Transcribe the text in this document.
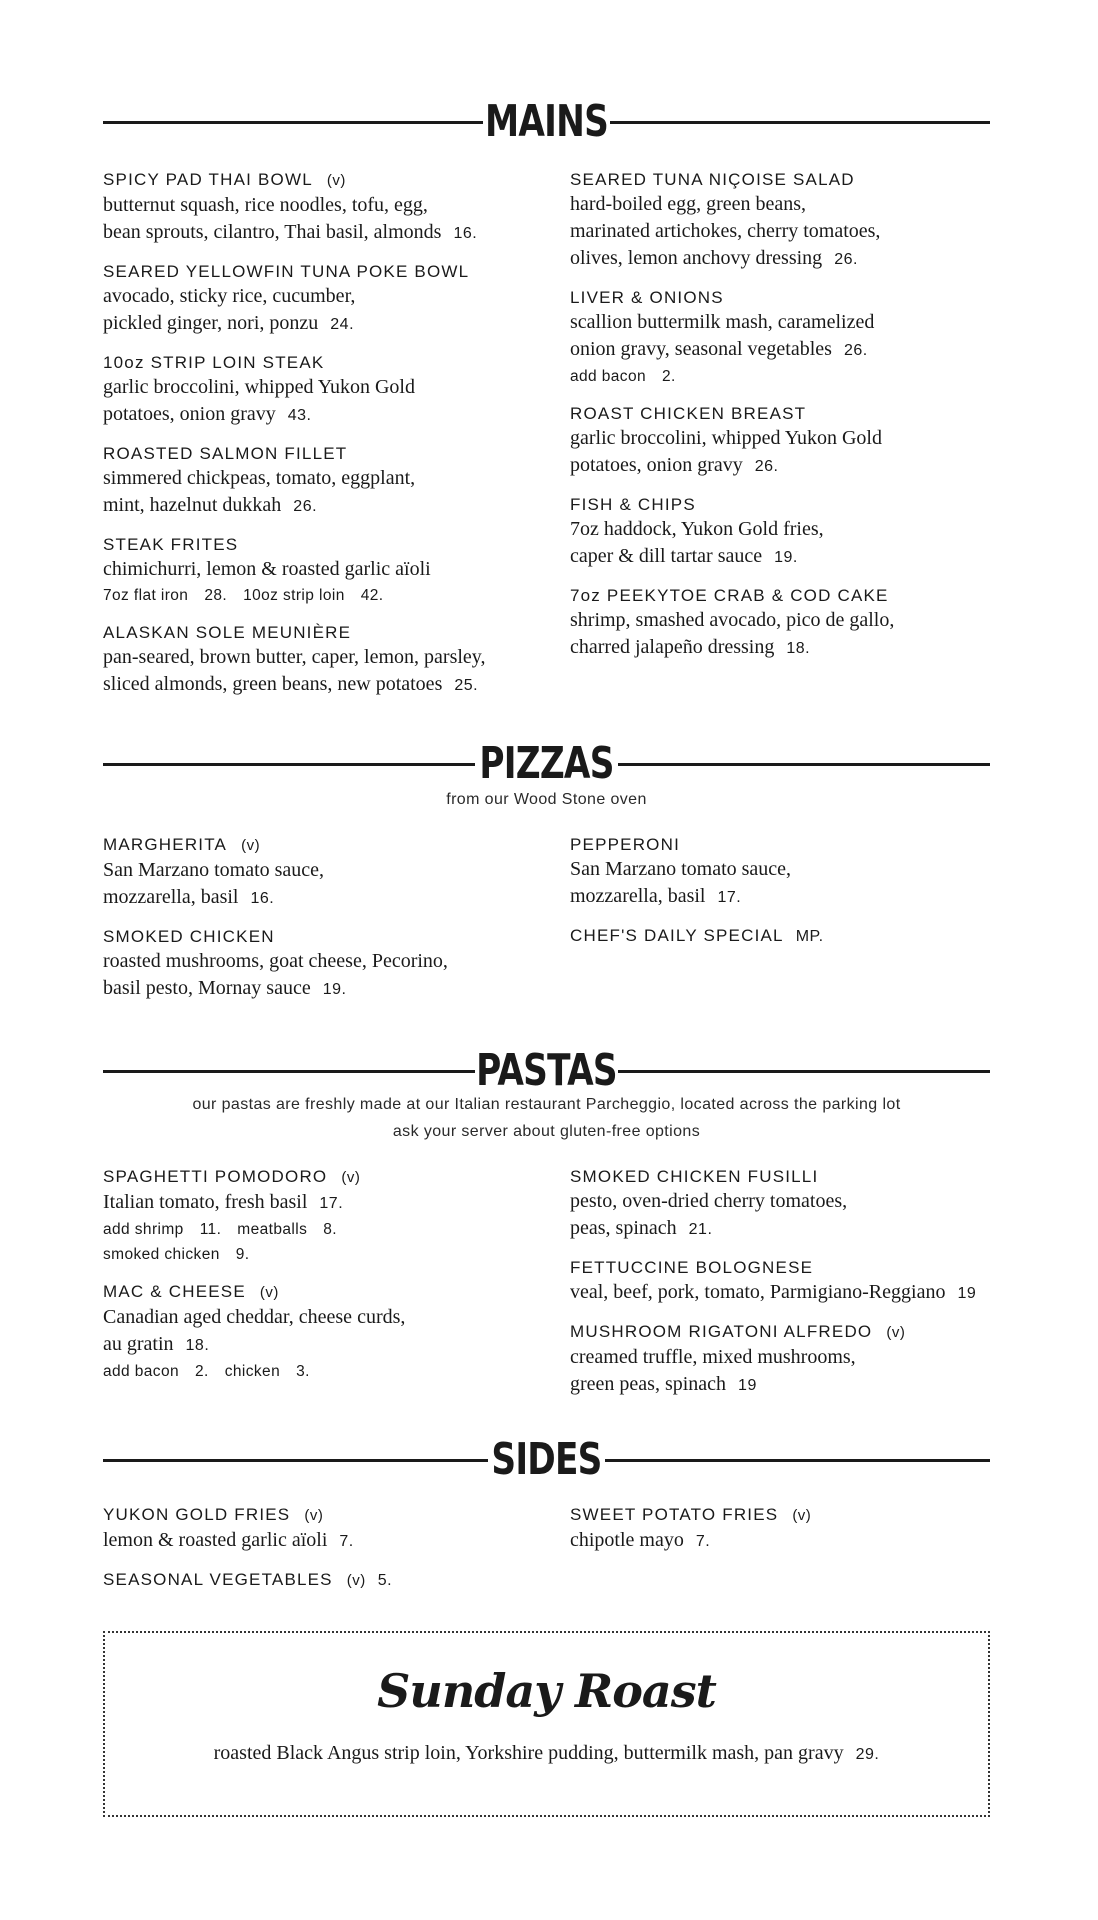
MAINS
SPICY PAD THAI BOWL (v)
butternut squash, rice noodles, tofu, egg,
bean sprouts, cilantro, Thai basil, almonds 16.
SEARED YELLOWFIN TUNA POKE BOWL
avocado, sticky rice, cucumber,
pickled ginger, nori, ponzu 24.
10oz STRIP LOIN STEAK
garlic broccolini, whipped Yukon Gold
potatoes, onion gravy 43.
ROASTED SALMON FILLET
simmered chickpeas, tomato, eggplant,
mint, hazelnut dukkah 26.
STEAK FRITES
chimichurri, lemon & roasted garlic aïoli
7oz flat iron 28. 10oz strip loin 42.
ALASKAN SOLE MEUNIÈRE
pan-seared, brown butter, caper, lemon, parsley,
sliced almonds, green beans, new potatoes 25.
SEARED TUNA NIÇOISE SALAD
hard-boiled egg, green beans,
marinated artichokes, cherry tomatoes,
olives, lemon anchovy dressing 26.
LIVER & ONIONS
scallion buttermilk mash, caramelized
onion gravy, seasonal vegetables 26.
add bacon 2.
ROAST CHICKEN BREAST
garlic broccolini, whipped Yukon Gold
potatoes, onion gravy 26.
FISH & CHIPS
7oz haddock, Yukon Gold fries,
caper & dill tartar sauce 19.
7oz PEEKYTOE CRAB & COD CAKE
shrimp, smashed avocado, pico de gallo,
charred jalapeño dressing 18.
PIZZAS
from our Wood Stone oven
MARGHERITA (v)
San Marzano tomato sauce,
mozzarella, basil 16.
SMOKED CHICKEN
roasted mushrooms, goat cheese, Pecorino,
basil pesto, Mornay sauce 19.
PEPPERONI
San Marzano tomato sauce,
mozzarella, basil 17.
CHEF'S DAILY SPECIAL MP.
PASTAS
our pastas are freshly made at our Italian restaurant Parcheggio, located across the parking lot
ask your server about gluten-free options
SPAGHETTI POMODORO (v)
Italian tomato, fresh basil 17.
add shrimp 11. meatballs 8.
smoked chicken 9.
MAC & CHEESE (v)
Canadian aged cheddar, cheese curds,
au gratin 18.
add bacon 2. chicken 3.
SMOKED CHICKEN FUSILLI
pesto, oven-dried cherry tomatoes,
peas, spinach 21.
FETTUCCINE BOLOGNESE
veal, beef, pork, tomato, Parmigiano-Reggiano 19
MUSHROOM RIGATONI ALFREDO (v)
creamed truffle, mixed mushrooms,
green peas, spinach 19
SIDES
YUKON GOLD FRIES (v)
lemon & roasted garlic aïoli 7.
SEASONAL VEGETABLES (v) 5.
SWEET POTATO FRIES (v)
chipotle mayo 7.
Sunday Roast
roasted Black Angus strip loin, Yorkshire pudding, buttermilk mash, pan gravy 29.
